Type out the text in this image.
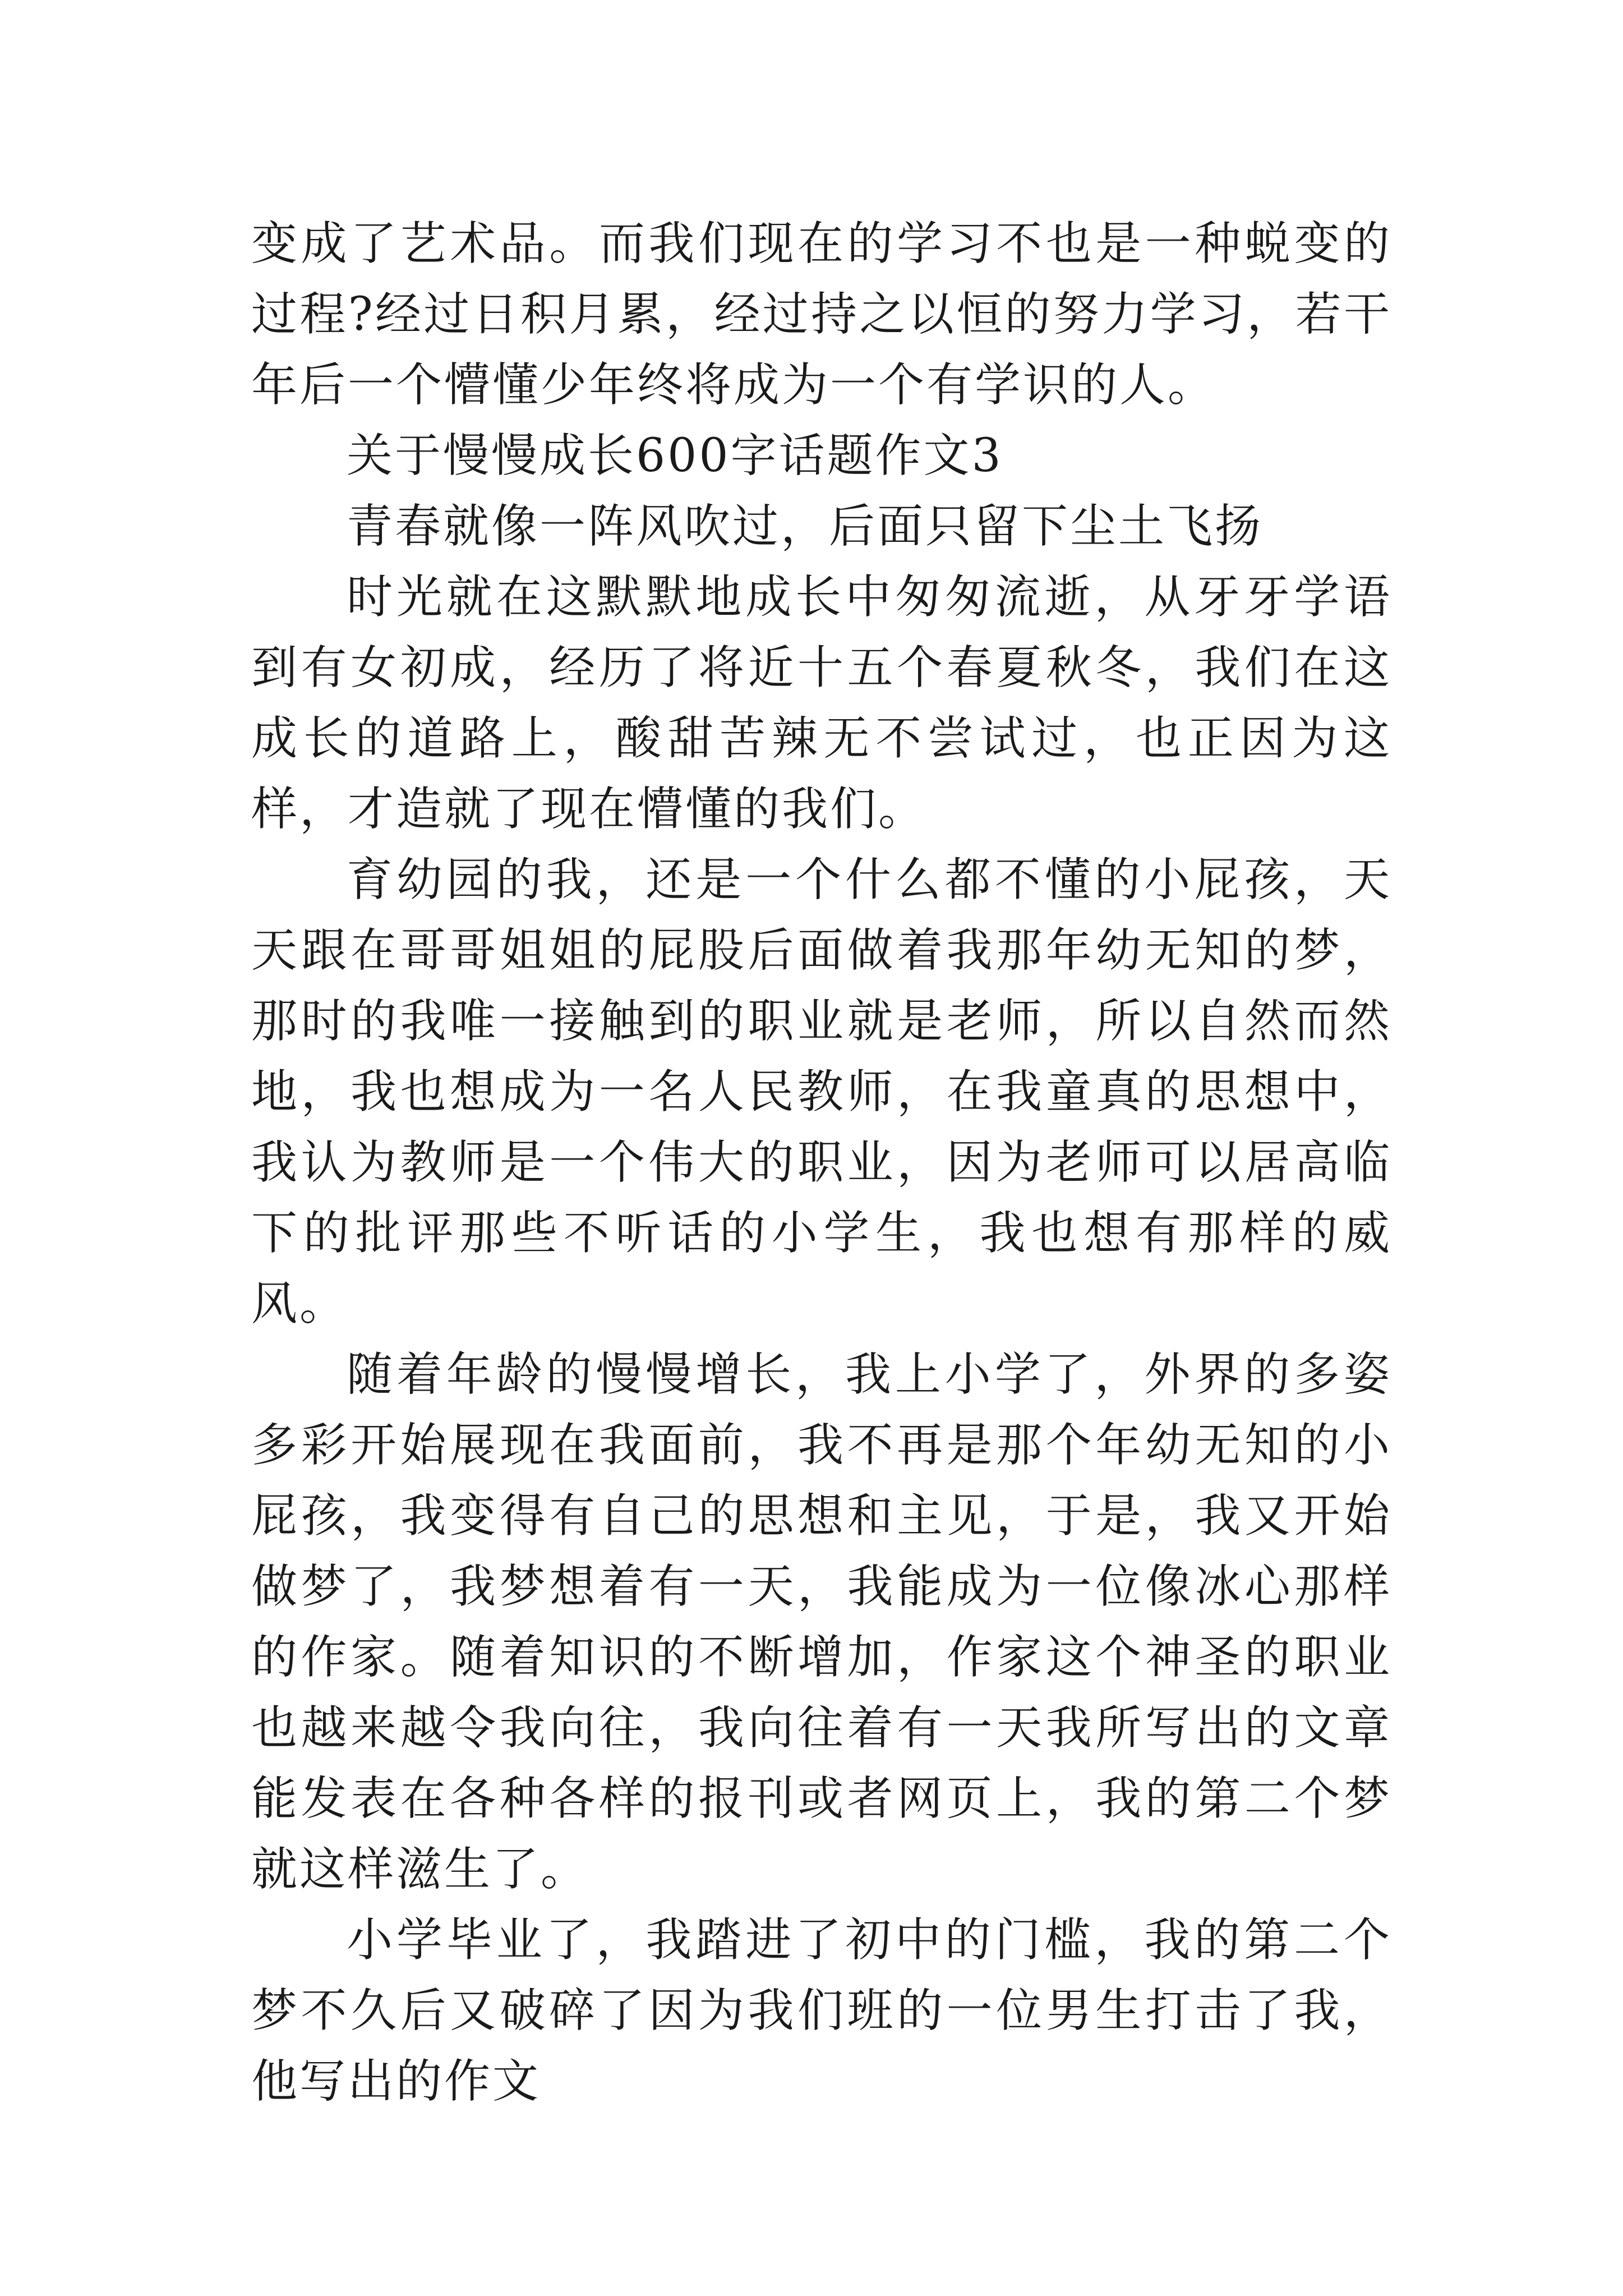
变成了艺术品。而我们现在的学习不也是一种蜕变的过程?经过日积月累，经过持之以恒的努力学习，若干年后一个懵懂少年终将成为一个有学识的人。

关于慢慢成长600字话题作文3

青春就像一阵风吹过，后面只留下尘土飞扬

时光就在这默默地成长中匆匆流逝，从牙牙学语到有女初成，经历了将近十五个春夏秋冬，我们在这成长的道路上，酸甜苦辣无不尝试过，也正因为这样，才造就了现在懵懂的我们。

育幼园的我，还是一个什么都不懂的小屁孩，天天跟在哥哥姐姐的屁股后面做着我那年幼无知的梦，那时的我唯一接触到的职业就是老师，所以自然而然地，我也想成为一名人民教师，在我童真的思想中，我认为教师是一个伟大的职业，因为老师可以居高临下的批评那些不听话的小学生，我也想有那样的威风。

随着年龄的慢慢增长，我上小学了，外界的多姿多彩开始展现在我面前，我不再是那个年幼无知的小屁孩，我变得有自己的思想和主见，于是，我又开始做梦了，我梦想着有一天，我能成为一位像冰心那样的作家。随着知识的不断增加，作家这个神圣的职业也越来越令我向往，我向往着有一天我所写出的文章能发表在各种各样的报刊或者网页上，我的第二个梦就这样滋生了。

小学毕业了，我踏进了初中的门槛，我的第二个梦不久后又破碎了因为我们班的一位男生打击了我，他写出的作文
